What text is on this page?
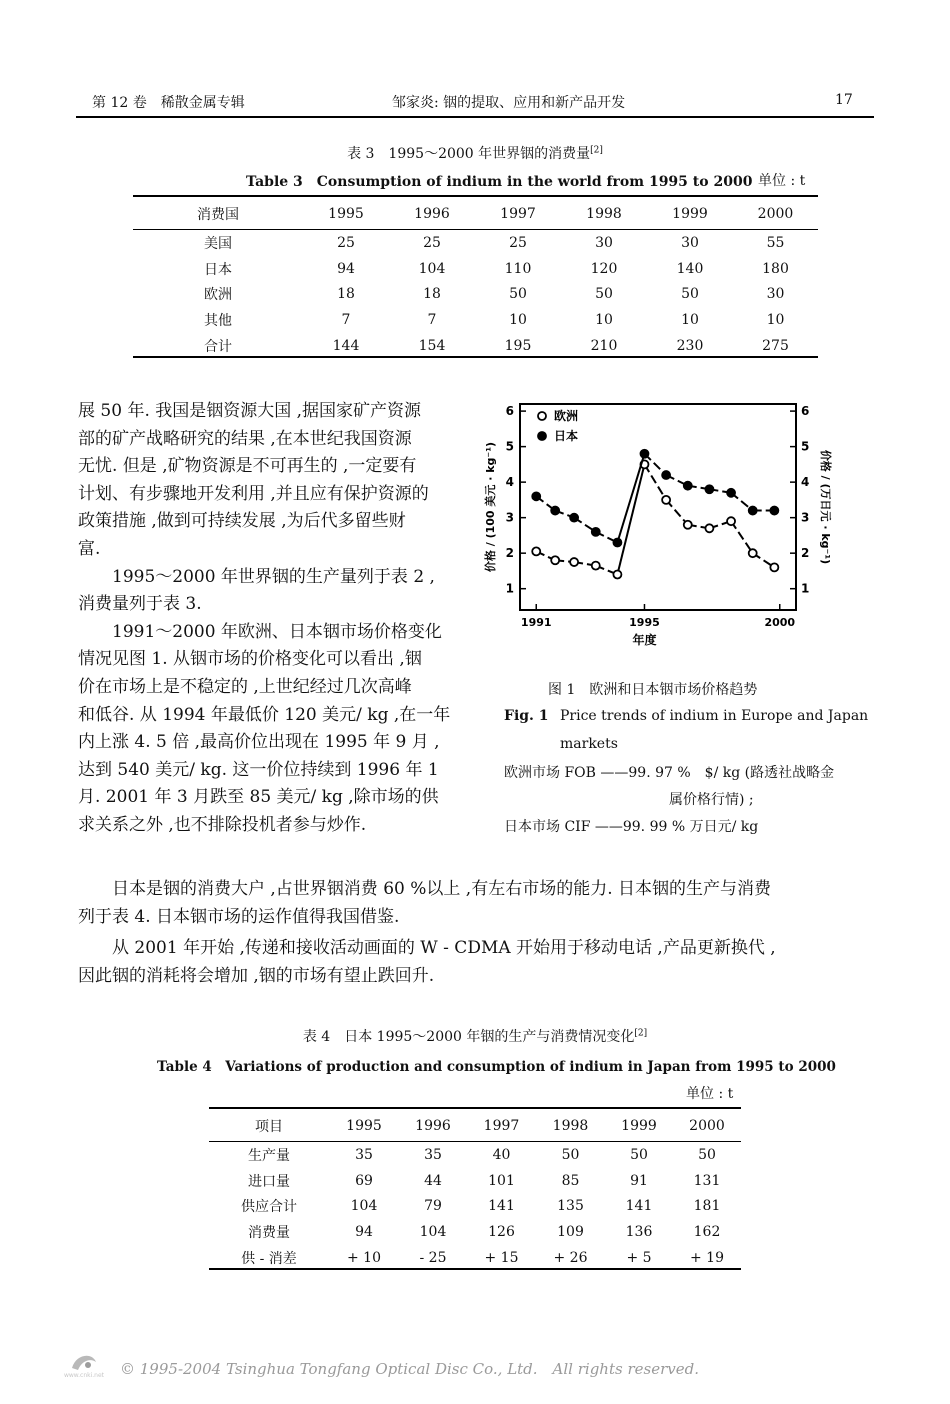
第 12 卷　稀散金属专辑	邹家炎: 铟的提取、应用和新产品开发	17
表 3　1995～2000 年世界铟的消费量[2]
Table 3　Consumption of indium in the world from 1995 to 2000 单位 : t
消费国	1995	1996	1997	1998	1999	2000

美国	25	25	25	30	30	55
日本	94	104	110	120	140	180
欧洲	18	18	50	50	50	30
其他	7	7	10	10	10	10
合计	144	154	195	210	230	275
展 50 年. 我国是铟资源大国 ,据国家矿产资源
部的矿产战略研究的结果 ,在本世纪我国资源
无忧. 但是 ,矿物资源是不可再生的 ,一定要有
计划、有步骤地开发利用 ,并且应有保护资源的
政策措施 ,做到可持续发展 ,为后代多留些财
富.
1995～2000 年世界铟的生产量列于表 2 ,
消费量列于表 3.
1991～2000 年欧洲、日本铟市场价格变化
情况见图 1. 从铟市场的价格变化可以看出 ,铟
价在市场上是不稳定的 ,上世纪经过几次高峰
和低谷. 从 1994 年最低价 120 美元/ kg ,在一年
内上涨 4. 5 倍 ,最高价位出现在 1995 年 9 月 ,
达到 540 美元/ kg. 这一价位持续到 1996 年 1
月. 2001 年 3 月跌至 85 美元/ kg ,除市场的供
求关系之外 ,也不排除投机者参与炒作.
1	1
2	2
3	3
4	4
5	5
6	6
1991	1995	2000
年度
价格 / (100 美元 · kg⁻¹)	价格 / (万日元 · kg⁻¹)
欧洲
日本
图 1　欧洲和日本铟市场价格趋势
Fig. 1 Price trends of indium in Europe and Japan
markets
欧洲市场 FOB ——99. 97 %　$/ kg (路透社战略金
属价格行情) ;
日本市场 CIF ——99. 99 % 万日元/ kg
日本是铟的消费大户 ,占世界铟消费 60 %以上 ,有左右市场的能力. 日本铟的生产与消费
列于表 4. 日本铟市场的运作值得我国借鉴.
从 2001 年开始 ,传递和接收活动画面的 W - CDMA 开始用于移动电话 ,产品更新换代 ,
因此铟的消耗将会增加 ,铟的市场有望止跌回升.
表 4　日本 1995～2000 年铟的生产与消费情况变化[2]
Table 4　Variations of production and consumption of indium in Japan from 1995 to 2000
单位 : t
项目	1995	1996	1997	1998	1999	2000

生产量	35	35	40	50	50	50
进口量	69	44	101	85	91	131
供应合计	104	79	141	135	141	181
消费量	94	104	126	109	136	162
供 - 消差	+ 10	- 25	+ 15	+ 26	+ 5	+ 19
www.cnki.net	© 1995-2004 Tsinghua Tongfang Optical Disc Co., Ltd.　All rights reserved.
